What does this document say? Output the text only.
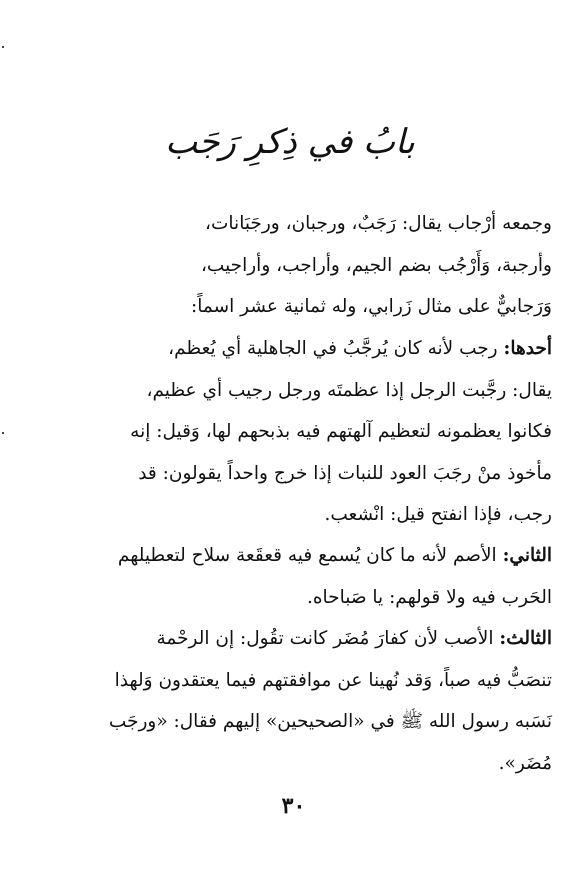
بابُ في ذِكرِ رَجَب
وجمعه أرْجاب يقال: رَجَبٌ، ورجبان، ورجَبَانات،
وأرجبة، وَأَرْجُب بضم الجيم، وأراجب، وأراجيب،
وَرَجابيٌّ على مثال زَرابي، وله ثمانية عشر اسماً:
أحدها: رجب لأنه كان يُرجَّبُ في الجاهلية أي يُعظم،
يقال: رجَّبت الرجل إذا عظمتَه ورجل رجيب أي عظيم،
فكانوا يعظمونه لتعظيم آلهتهم فيه بذبحهم لها، وَقيل: إنه
مأخوذ منْ رجَبَ العود للنبات إذا خرج واحداً يقولون: قد
رجب، فإذا انفتح قيل: انْشعب.
الثاني: الأصم لأنه ما كان يُسمع فيه قعقَعة سلاح لتعطيلهم
الحَرب فيه ولا قولهم: يا صَباحاه.
الثالث: الأصب لأن كفارَ مُضَر كانت تقُول: إن الرحْمة
تنصَبُّ فيه صباً، وَقد نُهينا عن موافقتهم فيما يعتقدون وَلهذا
نَسَبه رسول الله ﷺ في «الصحيحين» إليهم فقال: «ورجَب
مُضَر».
٣٠
